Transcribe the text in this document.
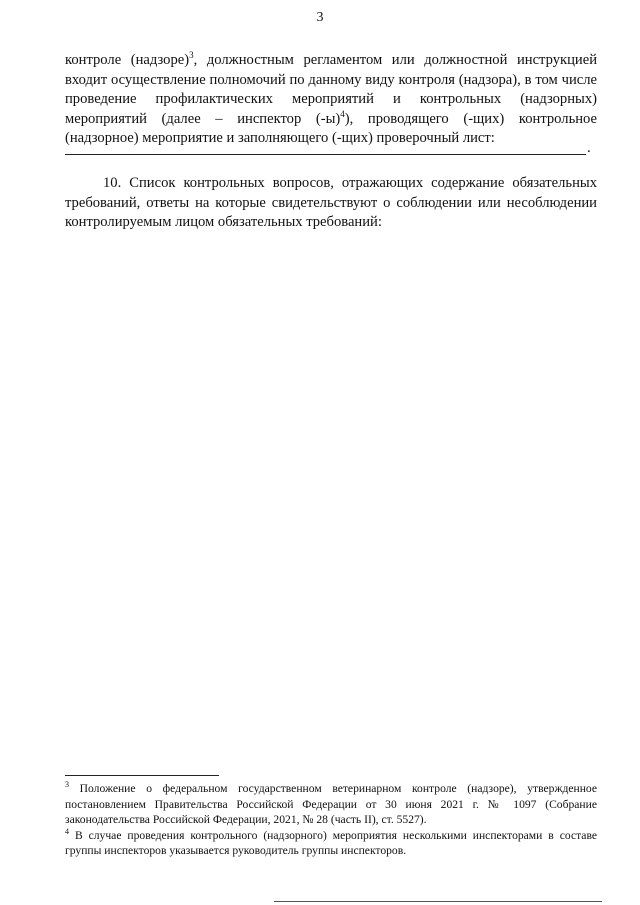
3
контроле (надзоре)$^3$, должностным регламентом или должностной инструкцией входит осуществление полномочий по данному виду контроля (надзора), в том числе проведение профилактических мероприятий и контрольных (надзорных) мероприятий (далее – инспектор $(-ы)^4$), проводящего (-щих) контрольное (надзорное) мероприятие и заполняющего (-щих) проверочный лист:
.
10. Список контрольных вопросов, отражающих содержание обязательных требований, ответы на которые свидетельствуют о соблюдении или несоблюдении контролируемым лицом обязательных требований:

$^3$ Положение о федеральном государственном ветеринарном контроле (надзоре), утвержденное постановлением Правительства Российской Федерации от 30 июня 2021 г. № 1097 (Собрание законодательства Российской Федерации, 2021, № 28 (часть II), ст. 5527).

$^4$ В случае проведения контрольного (надзорного) мероприятия несколькими инспекторами в составе группы инспекторов указывается руководитель группы инспекторов.
